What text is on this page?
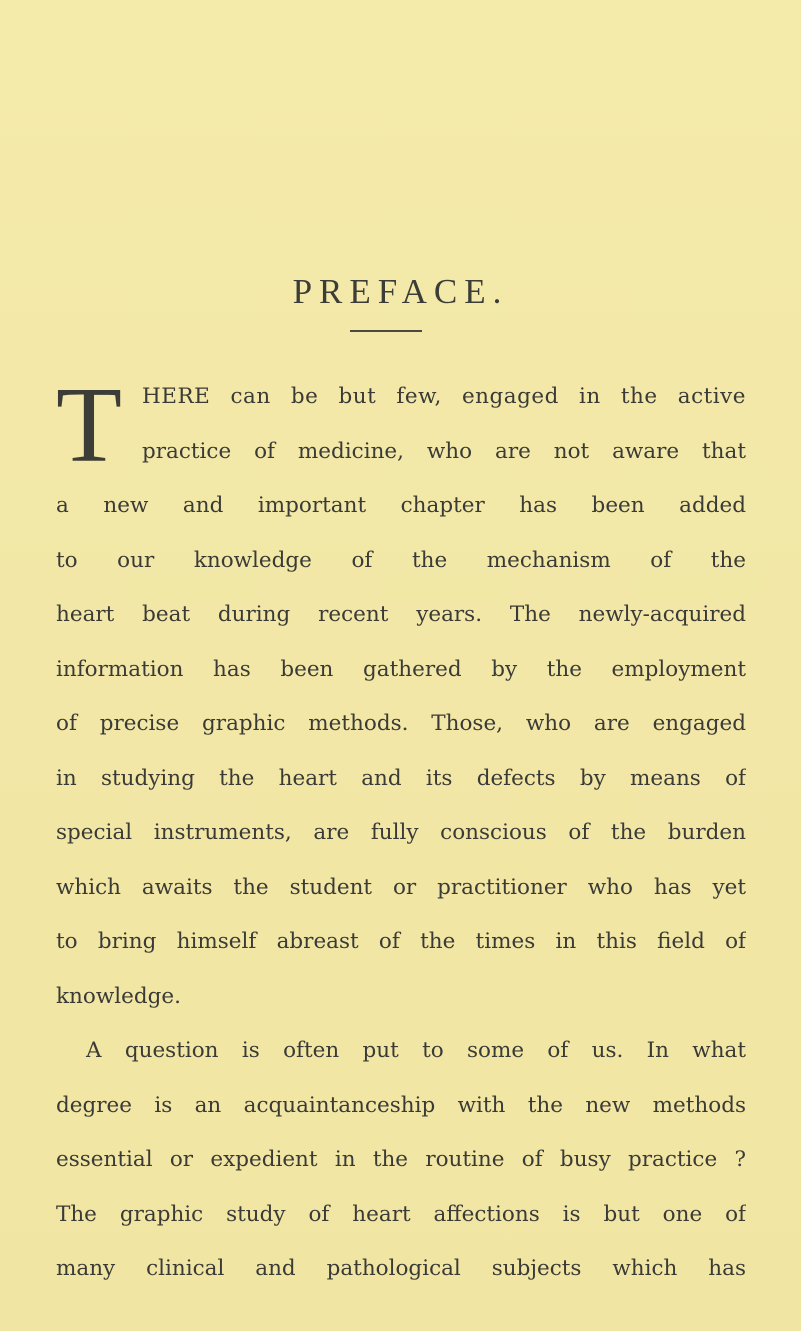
PREFACE.
T HERE can be but few, engaged in the active
practice of medicine, who are not aware that
a new and important chapter has been added
to our knowledge of the mechanism of the
heart beat during recent years. The newly-acquired
information has been gathered by the employment
of precise graphic methods. Those, who are engaged
in studying the heart and its defects by means of
special instruments, are fully conscious of the burden
which awaits the student or practitioner who has yet
to bring himself abreast of the times in this field of
knowledge.
A question is often put to some of us. In what
degree is an acquaintanceship with the new methods
essential or expedient in the routine of busy practice ?
The graphic study of heart affections is but one of
many clinical and pathological subjects which has
